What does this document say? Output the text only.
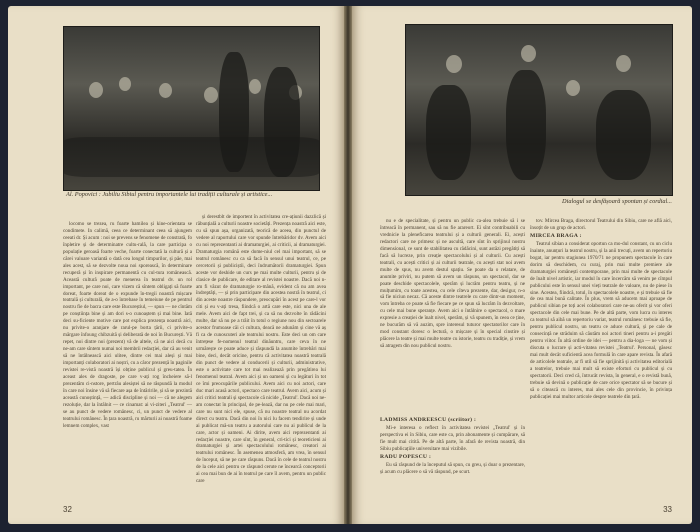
Al. Popovici : Jubiliu Sibiul pentru importantele lui tradiții culturale și artistice...

locomo se trezea, ru foarte hamilea și kine-orientata se condimete. In calimă, ceea ce determinant ceea să ajungem ceeati dr. Și acum : noi se prevens se fenomene de constrată, fo înpletire și de determinatre cultu-rală, la care participa o populație geroasă foarte veche, foarte conectată la cultură și a cărei valoare variantă o dată cea longul timpurilor, și pâe, mai ales acest, să se dezvolte noua noi sporească, în determinare recuperă și în inspirare permanentă cu cul-tura românească. Această cultură poate de menerea în teatrul dv. un rol important, pe care noi, care vizem că sîntem obligați să foarte doreat, foarte doreat de o expunde în-tregii noastră mișcare teatrală și culturală, de a-o întrebase în temeiune de pe pentrul nostru fie de bacra care este Bucureștiul, — spun — ne cîntăm pe conștiința bine și am dori s-o cunoaștem și mai bine. Iată deci su-ficiente motive care pot explica prezența noastră aici, nu privite-o aranjare de rarul-pe borta țării, ci privite-o mărgare înfoung chibzuită și deliberată de noi în București. Vă repet, noi dintre noi (prezent) vă de altele, că ne aici decă cu ne-am care sîntem numai noi membrii redacției, dar că au venit să ne întâlnească aici ulitee, dintre cei mai aleși și mai importanți colaboratori ai noștri, cu a căror prezență în paginile revistei re-vistă noastră își obține publicul și greu-tatea. În aceast ales de dragoste, pe care v-ați rog încheiere să-l prezentăm ci-nstore, pertrâu alesiștei să ne răspundă la modul în care noi însine vă să fiecare așa de întăririle, și să se prezintă această cunoștință, — adică discipline și noi — că ne alegem rezoluție, dar la întâlnit — ce cinamat: ai vi-ziteri „Teatrul' — se au punct de vedere românesc, ci, un punct de vedere al teatrului românesc. În țara noastră, ru mărturii ai noastră foame lemnem complex, vast

și derestblt de importent în activitatea cre-ațiunii dazzlică și răbunțială a culturii noastre societăți. Prezența noastră aici este, cu să spun așa, organizată, teorică de aceea, din punctul de vedere al raportului care vor spunde întrebăridor dv. Avem aici cu noi reprezentanti ai dramaturgiei, ai criticii, ai dramaturgiei. Dramaturgia română este dome-niul cel mai important, să se teatrul românesc cu ca să facă în sensul unui teatrul, ce, pe cercetorii și publiciștii, deci îndrumătorii dramaturgiei. Spun aceste vor deshide un curs pe mai multe culturii, pentru și de clasice de publicare, de editare al revistei noastre. Dacă noi n-am fi văzut de dramaturgie ro-mână, evident că nu am avea îndreptăți, — și prin participare din acestea nostră în teatrul, ci din aceste noastre răspundere, preocupări în acest pe care-l vor citi și eu v-ați tresa, fiindcă o artă care este, nici una de ale mele. Avem aici de fapt trei, și ca să nu dezvolte în rădăcini multe, dar să nu pe a trăit în totul o regiune nou din sectoarele acestor frumoase căi ci cultura, deacă ne adunăm și cine vă aș fi ca de cunoscuteri ale teatrului nostru. Este deci un om care întrețese fe-nomenul teatral dinăuntru, care ceva în ne urmărește ce poate aduce și răspundă la anumite întrebări mai bine, deci, decât oricine, pentru că activitatea noastră teatrală din punct de vedere al conducerii și culturii, administrative, este o activitate care tot mai realizează prin pregătirea lui fenomenul teatral. Avem aici și un oameni și cu legături în tot ce îmi preocupările publicului. Avem aici cu noi actori, care duc mari acasă actori, spectaco care teatrul. Avem aici, acum și aici critici teatrali și spectacole că nicide „Teatrul'. Dacă noi ne-am conectat în principal, de pe-lează, dar nu pe cele mai mari, care nu sunt nici ele, spuse, că nu noastre teatral nu acordat direct cu teatru. Dacă din noi în nici lu facem tendirire și unde ai publicat mă-un teatru a autorului care nu ai publicul de la care, actor și oameni. Ai dirite, avem aici reprezentanti ai redacției noastre, care sînt, în general, cri-tici și teoreticieni ai dramaturgiei și artei spectacolului românesc, creatori ai teatrului românesc. În asemenea atmosferă, am vrea, în sensul de început, să ne pe care răspuns. Dacă în cele de teatrul nostru de la cele aici pentru ce răspund cerute ne încearcă conceptorii ai cea mai bun de ai în teatrul pe care îl avem, pentru un public care

32
Dialogul se desfășoară spontan și cordial...

nu e de specialitate, și pentru un public ca-alea trebuie să i se întreacă în permanent, sau să nu fie arareort. Ei sînt contribuabili cu vrednicie la pleneficarea teatrului și a culturii generali. Ei, acești redactori care ne primesc și ne ascultă, care sînt în sprijinul nostru dimensional, ce sunt de stabilitatea cu rădăcini, sunt astăzi pregătiți să facă să lucreze, prin creație spectacolului și al culturii. Cu acești teatrali, cu acești critici și ai culturii teatrale, cu acești stat noi avem multe de spus, nu avem destul spațiu. Se poate da o relatare, de anumite priviri, nu putem să avem un răspuns, un spectacol, dar se poate deschide spectacolele, sperăm și lucrăm pentru teatru, și ne mulțumim, cu toate acestea, cu cele cîteva prezente, dar, desigur, n-o să fie niciun necaz. Că aceste dintre teatrele cu care dintr-un moment, vom întreba ce poate să fie fiecare pe ce spun să lucrăm în dezvoltare, cu cele mai bune speranțe. Avem aici o întâlnire o spectacol, o mare expresie a creației de înalt nivel, sperăm, și vă spunem, în ceea ce ține, ne bucurăm să vă auzim, spre interesul tuturor spectatorilor care în mod constant doresc o lectură, o mișcare și în special cinstire și plăcere la teatre și mai multe teatre cu istorie, teatru cu tradiție, și vrem să atragem din nou publicul nostru.

LADMISS ANDREESCU (scriitor) :

Mi-e interesa o reflect în activitatea revistei „Teatrul' și în perspectiva ei în Sibiu, care este ca, prin abonamente și cumpărare, să fie mult mai citită. Pe de altă parte, în afară de revista noastră, din Sibiu publicațiile universitare mai vizibile.

RADU POPESCU :

Eu să răspund de la începutul să spun, cu greu, și doar o prezentare, și acum cu plăcere o să vă răspund, pe scurt.

tov. Mircea Braga, directorul Teatrului din Sibiu, care ne află aici, însoțit de un grup de actori.

MIRCEA BRAGA :

Teatrul sibian a considerat oportun ca mo-dul constant, cu un ciclu înainte, anunțuri la teatrul nostru, și la anii trecuți, avem un repertoriu bogat, iar pentru stagiunea 1970/71 ne propunem spectacole în care dorim să deschidem, cu curaj, prin mai multe premiere ale dramaturgiei românești contemporane, prin mai multe de spectacole de înalt nivel artistic, iar modul în care încercăm să venim pe cîmpul publicului este în sensul unei vieți teatrale de valoare, nu de piese în sine. Acestea, fiindcă, totul, în spectacolele noastre, e și trebuie să fie de cea mai bună calitate. În plus, vrem să aducem mai aproape de publicul sibian pe toți acei colaboratori care ne-au oferit și vor oferi spectacole din cele mai bune. Pe de altă parte, vom lucra cu interes ca teatrul să aibă un repertoriu variat, teatrul românesc trebuie să fie, pentru publicul nostru, un teatru ce aduce cultură, și pe cale de consecință ne străduim să căutăm noi actori tineri pentru a-i pregăti pentru viitor. În altă ordine de idei — pentru a dia-loga — ne vom și discuta o lucrare și acti-vitatea revistei „Teatrul'. Personal, găsesc mai mult decât suficientă acea formulă în care apare revista. În afară de articolele teatrale, ar fi util să fie sprijinită și activitatea editorială a teatrelor, trebuie mai mult să existe eforturi cu publicul și cu spectatorii. Deci cred că, întrucât revista, în general, e o revistă bună, trebuie să devină o publicație de care orice spectator să se bucure și să o citească cu interes, mai ales cele din provincie, în privința publicației mai multor articole despre teatrele din țară.

33
